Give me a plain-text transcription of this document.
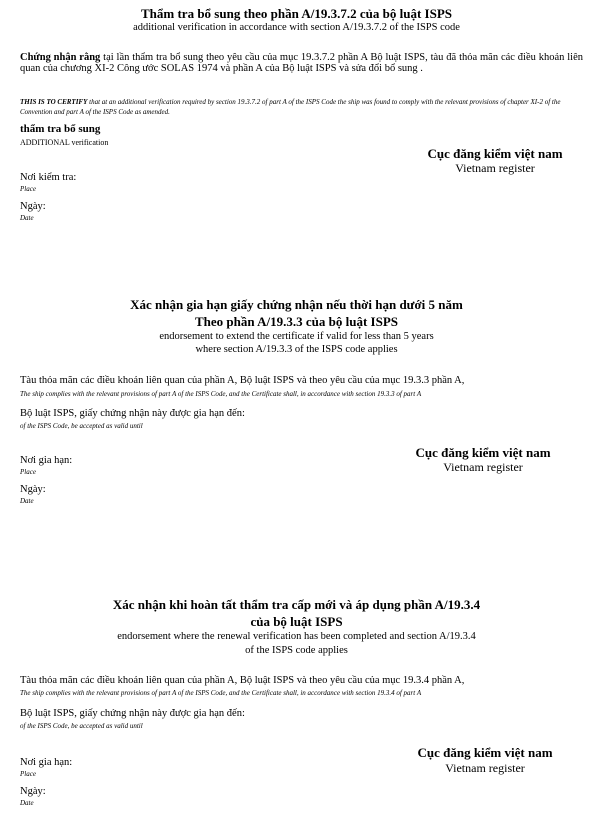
Thẩm tra bổ sung theo phần A/19.3.7.2 của bộ luật ISPS
additional verification in accordance with section A/19.3.7.2 of the ISPS code
Chứng nhận rằng tại lần thẩm tra bổ sung theo yêu cầu của mục 19.3.7.2 phần A Bộ luật ISPS, tàu đã thỏa mãn các điều khoản liên quan của chương XI-2 Công ước SOLAS 1974 và phần A của Bộ luật ISPS và sửa đổi bổ sung .
THIS IS TO CERTIFY that at an additional verification required by section 19.3.7.2 of part A of the ISPS Code the ship was found to comply with the relevant provisions of chapter XI-2 of the Convention and part A of the ISPS Code as amended.
thẩm tra bổ sung
ADDITIONAL verification
Cục đăng kiểm việt nam
Vietnam register
Nơi kiểm tra:
Place
Ngày:
Date
Xác nhận gia hạn giấy chứng nhận nếu thời hạn dưới 5 năm
Theo phần A/19.3.3 của bộ luật ISPS
endorsement to extend the certificate if valid for less than 5 years
where section A/19.3.3 of the ISPS code applies
Tàu thỏa mãn các điều khoản liên quan của phần A, Bộ luật ISPS và theo yêu cầu của mục 19.3.3 phần A,
The ship complies with the relevant provisions of part A of the ISPS Code, and the Certificate shall, in accordance with section 19.3.3 of part A
Bộ luật ISPS, giấy chứng nhận này được gia hạn đến:
of the ISPS Code, be accepted as valid until
Cục đăng kiểm việt nam
Vietnam register
Nơi gia hạn:
Place
Ngày:
Date
Xác nhận khi hoàn tất thẩm tra cấp mới và áp dụng phần A/19.3.4
của bộ luật ISPS
endorsement where the renewal verification has been completed and section A/19.3.4
of the ISPS code applies
Tàu thỏa mãn các điều khoản liên quan của phần A, Bộ luật ISPS và theo yêu cầu của mục 19.3.4 phần A,
The ship complies with the relevant provisions of part A of the ISPS Code, and the Certificate shall, in accordance with section 19.3.4 of part A
Bộ luật ISPS, giấy chứng nhận này được gia hạn đến:
of the ISPS Code, be accepted as valid until
Cục đăng kiểm việt nam
Vietnam register
Nơi gia hạn:
Place
Ngày:
Date
